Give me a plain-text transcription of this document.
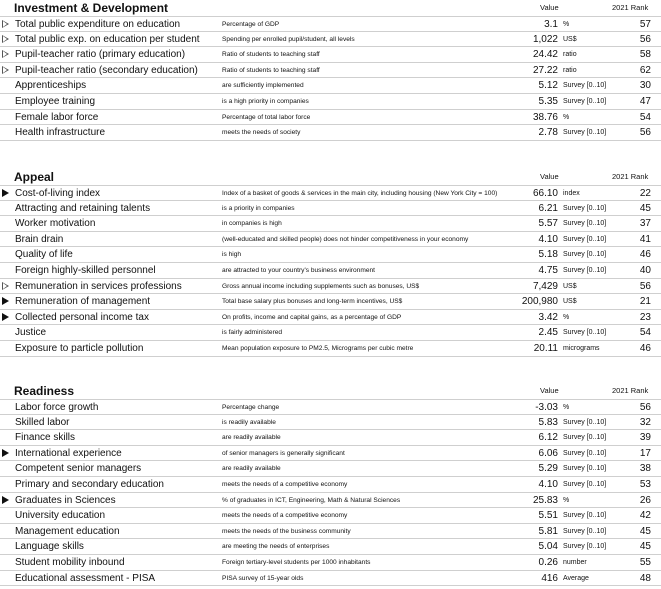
Investment & Development	Value	2021 Rank
Total public expenditure on education	Percentage of GDP	3.1 %	57
Total public exp. on education per student	Spending per enrolled pupil/student, all levels	1,022 US$	56
Pupil-teacher ratio (primary education)	Ratio of students to teaching staff	24.42 ratio	58
Pupil-teacher ratio (secondary education)	Ratio of students to teaching staff	27.22 ratio	62
Apprenticeships	are sufficiently implemented	5.12 Survey [0..10]	30
Employee training	is a high priority in companies	5.35 Survey [0..10]	47
Female labor force	Percentage of total labor force	38.76 %	54
Health infrastructure	meets the needs of society	2.78 Survey [0..10]	56
Appeal	Value	2021 Rank
Cost-of-living index	Index of a basket of goods & services in the main city, including housing (New York City = 100)	66.10 index	22
Attracting and retaining talents	is a priority in companies	6.21 Survey [0..10]	45
Worker motivation	in companies is high	5.57 Survey [0..10]	37
Brain drain	(well-educated and skilled people) does not hinder competitiveness in your economy	4.10 Survey [0..10]	41
Quality of life	is high	5.18 Survey [0..10]	46
Foreign highly-skilled personnel	are attracted to your country's business environment	4.75 Survey [0..10]	40
Remuneration in services professions	Gross annual income including supplements such as bonuses, US$	7,429 US$	56
Remuneration of management	Total base salary plus bonuses and long-term incentives, US$	200,980 US$	21
Collected personal income tax	On profits, income and capital gains, as a percentage of GDP	3.42 %	23
Justice	is fairly administered	2.45 Survey [0..10]	54
Exposure to particle pollution	Mean population exposure to PM2.5, Micrograms per cubic metre	20.11 micrograms	46
Readiness	Value	2021 Rank
Labor force growth	Percentage change	-3.03 %	56
Skilled labor	is readily available	5.83 Survey [0..10]	32
Finance skills	are readily available	6.12 Survey [0..10]	39
International experience	of senior managers is generally significant	6.06 Survey [0..10]	17
Competent senior managers	are readily available	5.29 Survey [0..10]	38
Primary and secondary education	meets the needs of a competitive economy	4.10 Survey [0..10]	53
Graduates in Sciences	% of graduates in ICT, Engineering, Math & Natural Sciences	25.83 %	26
University education	meets the needs of a competitive economy	5.51 Survey [0..10]	42
Management education	meets the needs of the business community	5.81 Survey [0..10]	45
Language skills	are meeting the needs of enterprises	5.04 Survey [0..10]	45
Student mobility inbound	Foreign tertiary-level students per 1000 inhabitants	0.26 number	55
Educational assessment - PISA	PISA survey of 15-year olds	416 Average	48
